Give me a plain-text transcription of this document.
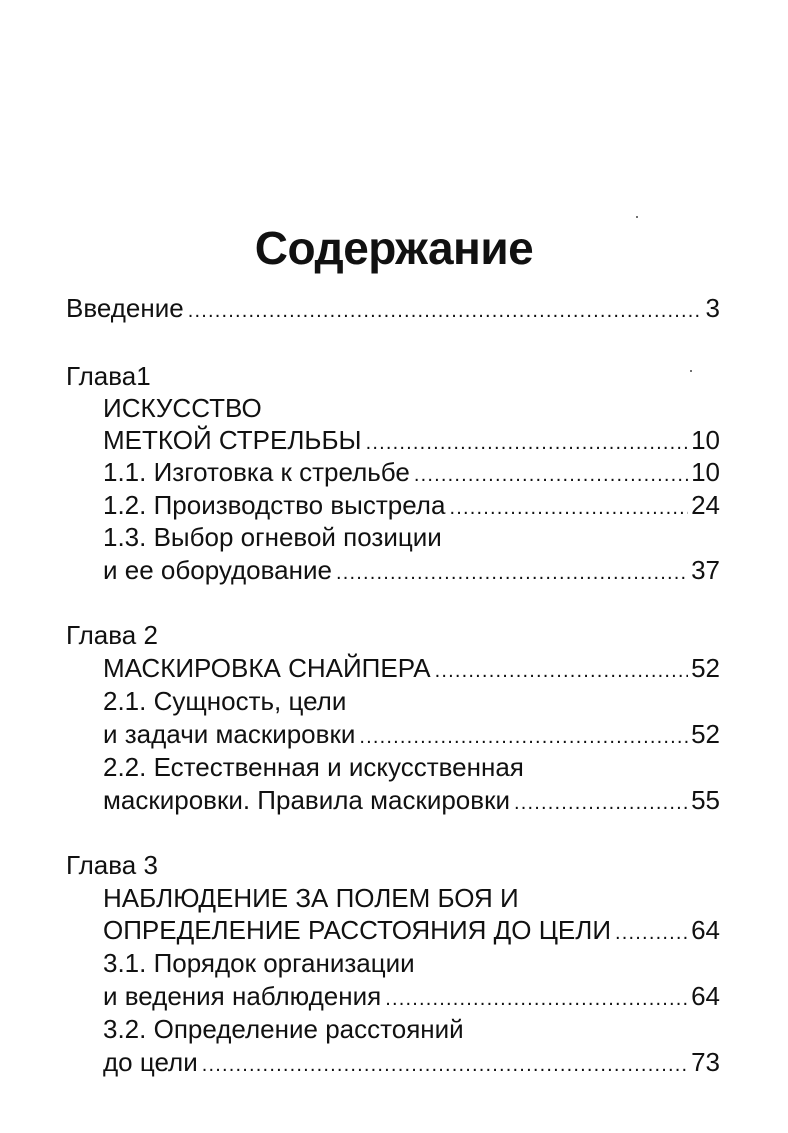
Содержание
Введение .....	3
Глава1
ИСКУССТВО
МЕТКОЙ СТРЕЛЬБЫ .....	10
1.1. Изготовка к стрельбе .....	10
1.2. Производство выстрела .....	24
1.3. Выбор огневой позиции
и ее оборудование .....	37
Глава 2
МАСКИРОВКА СНАЙПЕРА .....	52
2.1. Сущность, цели
и задачи маскировки .....	52
2.2. Естественная и искусственная
маскировки. Правила маскировки .....	55
Глава 3
НАБЛЮДЕНИЕ ЗА ПОЛЕМ БОЯ И
ОПРЕДЕЛЕНИЕ РАССТОЯНИЯ ДО ЦЕЛИ .....	64
3.1. Порядок организации
и ведения наблюдения .....	64
3.2. Определение расстояний
до цели .....	73
